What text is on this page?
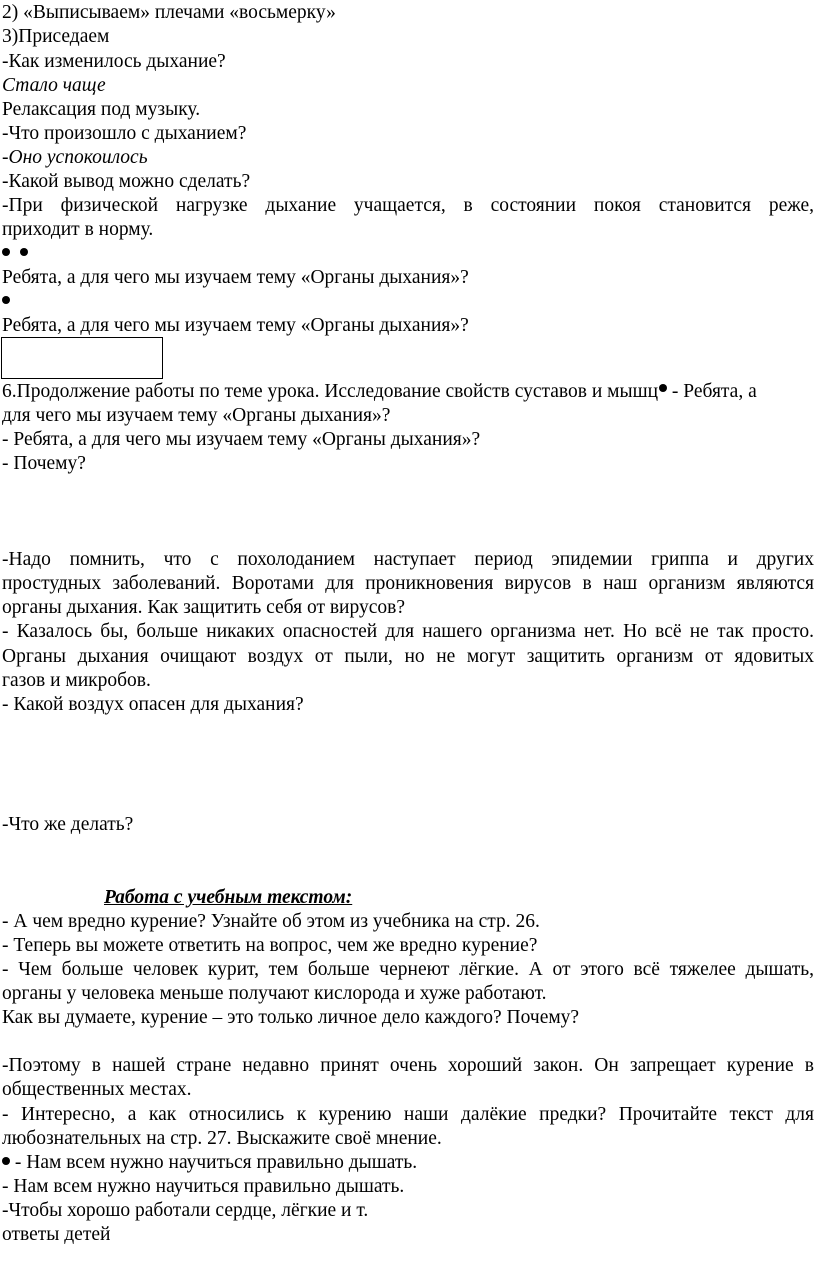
2) «Выписываем» плечами «восьмерку»
3)Приседаем
-Как изменилось дыхание?
Стало чаще
Релаксация под музыку.
-Что произошло с дыханием?
-Оно успокоилось
-Какой вывод можно сделать?
-При физической нагрузке дыхание учащается, в состоянии покоя становится реже,
приходит в норму.

Ребята, а для чего мы изучаем тему «Органы дыхания»?
Ребята, а для чего мы изучаем тему «Органы дыхания»?
6.Продолжение работы по теме урока. Исследование свойств суставов и мышц - Ребята, а
для чего мы изучаем тему «Органы дыхания»?
- Ребята, а для чего мы изучаем тему «Органы дыхания»?
- Почему?
-Надо помнить, что с похолоданием наступает период эпидемии гриппа и других
простудных заболеваний. Воротами для проникновения вирусов в наш организм являются
органы дыхания. Как защитить себя от вирусов?
- Казалось бы, больше никаких опасностей для нашего организма нет. Но всё не так просто.
Органы дыхания очищают воздух от пыли, но не могут защитить организм от ядовитых
газов и микробов.
- Какой воздух опасен для дыхания?
-Что же делать?
Работа с учебным текстом:
- А чем вредно курение? Узнайте об этом из учебника на стр. 26.
- Теперь вы можете ответить на вопрос, чем же вредно курение?
- Чем больше человек курит, тем больше чернеют лёгкие. А от этого всё тяжелее дышать,
органы у человека меньше получают кислорода и хуже работают.
Как вы думаете, курение – это только личное дело каждого? Почему?
-Поэтому в нашей стране недавно принят очень хороший закон. Он запрещает курение в
общественных местах.
- Интересно, а как относились к курению наши далёкие предки? Прочитайте текст для
любознательных на стр. 27. Выскажите своё мнение.
- Нам всем нужно научиться правильно дышать.
- Нам всем нужно научиться правильно дышать.
-Чтобы хорошо работали сердце, лёгкие и т.
ответы детей
